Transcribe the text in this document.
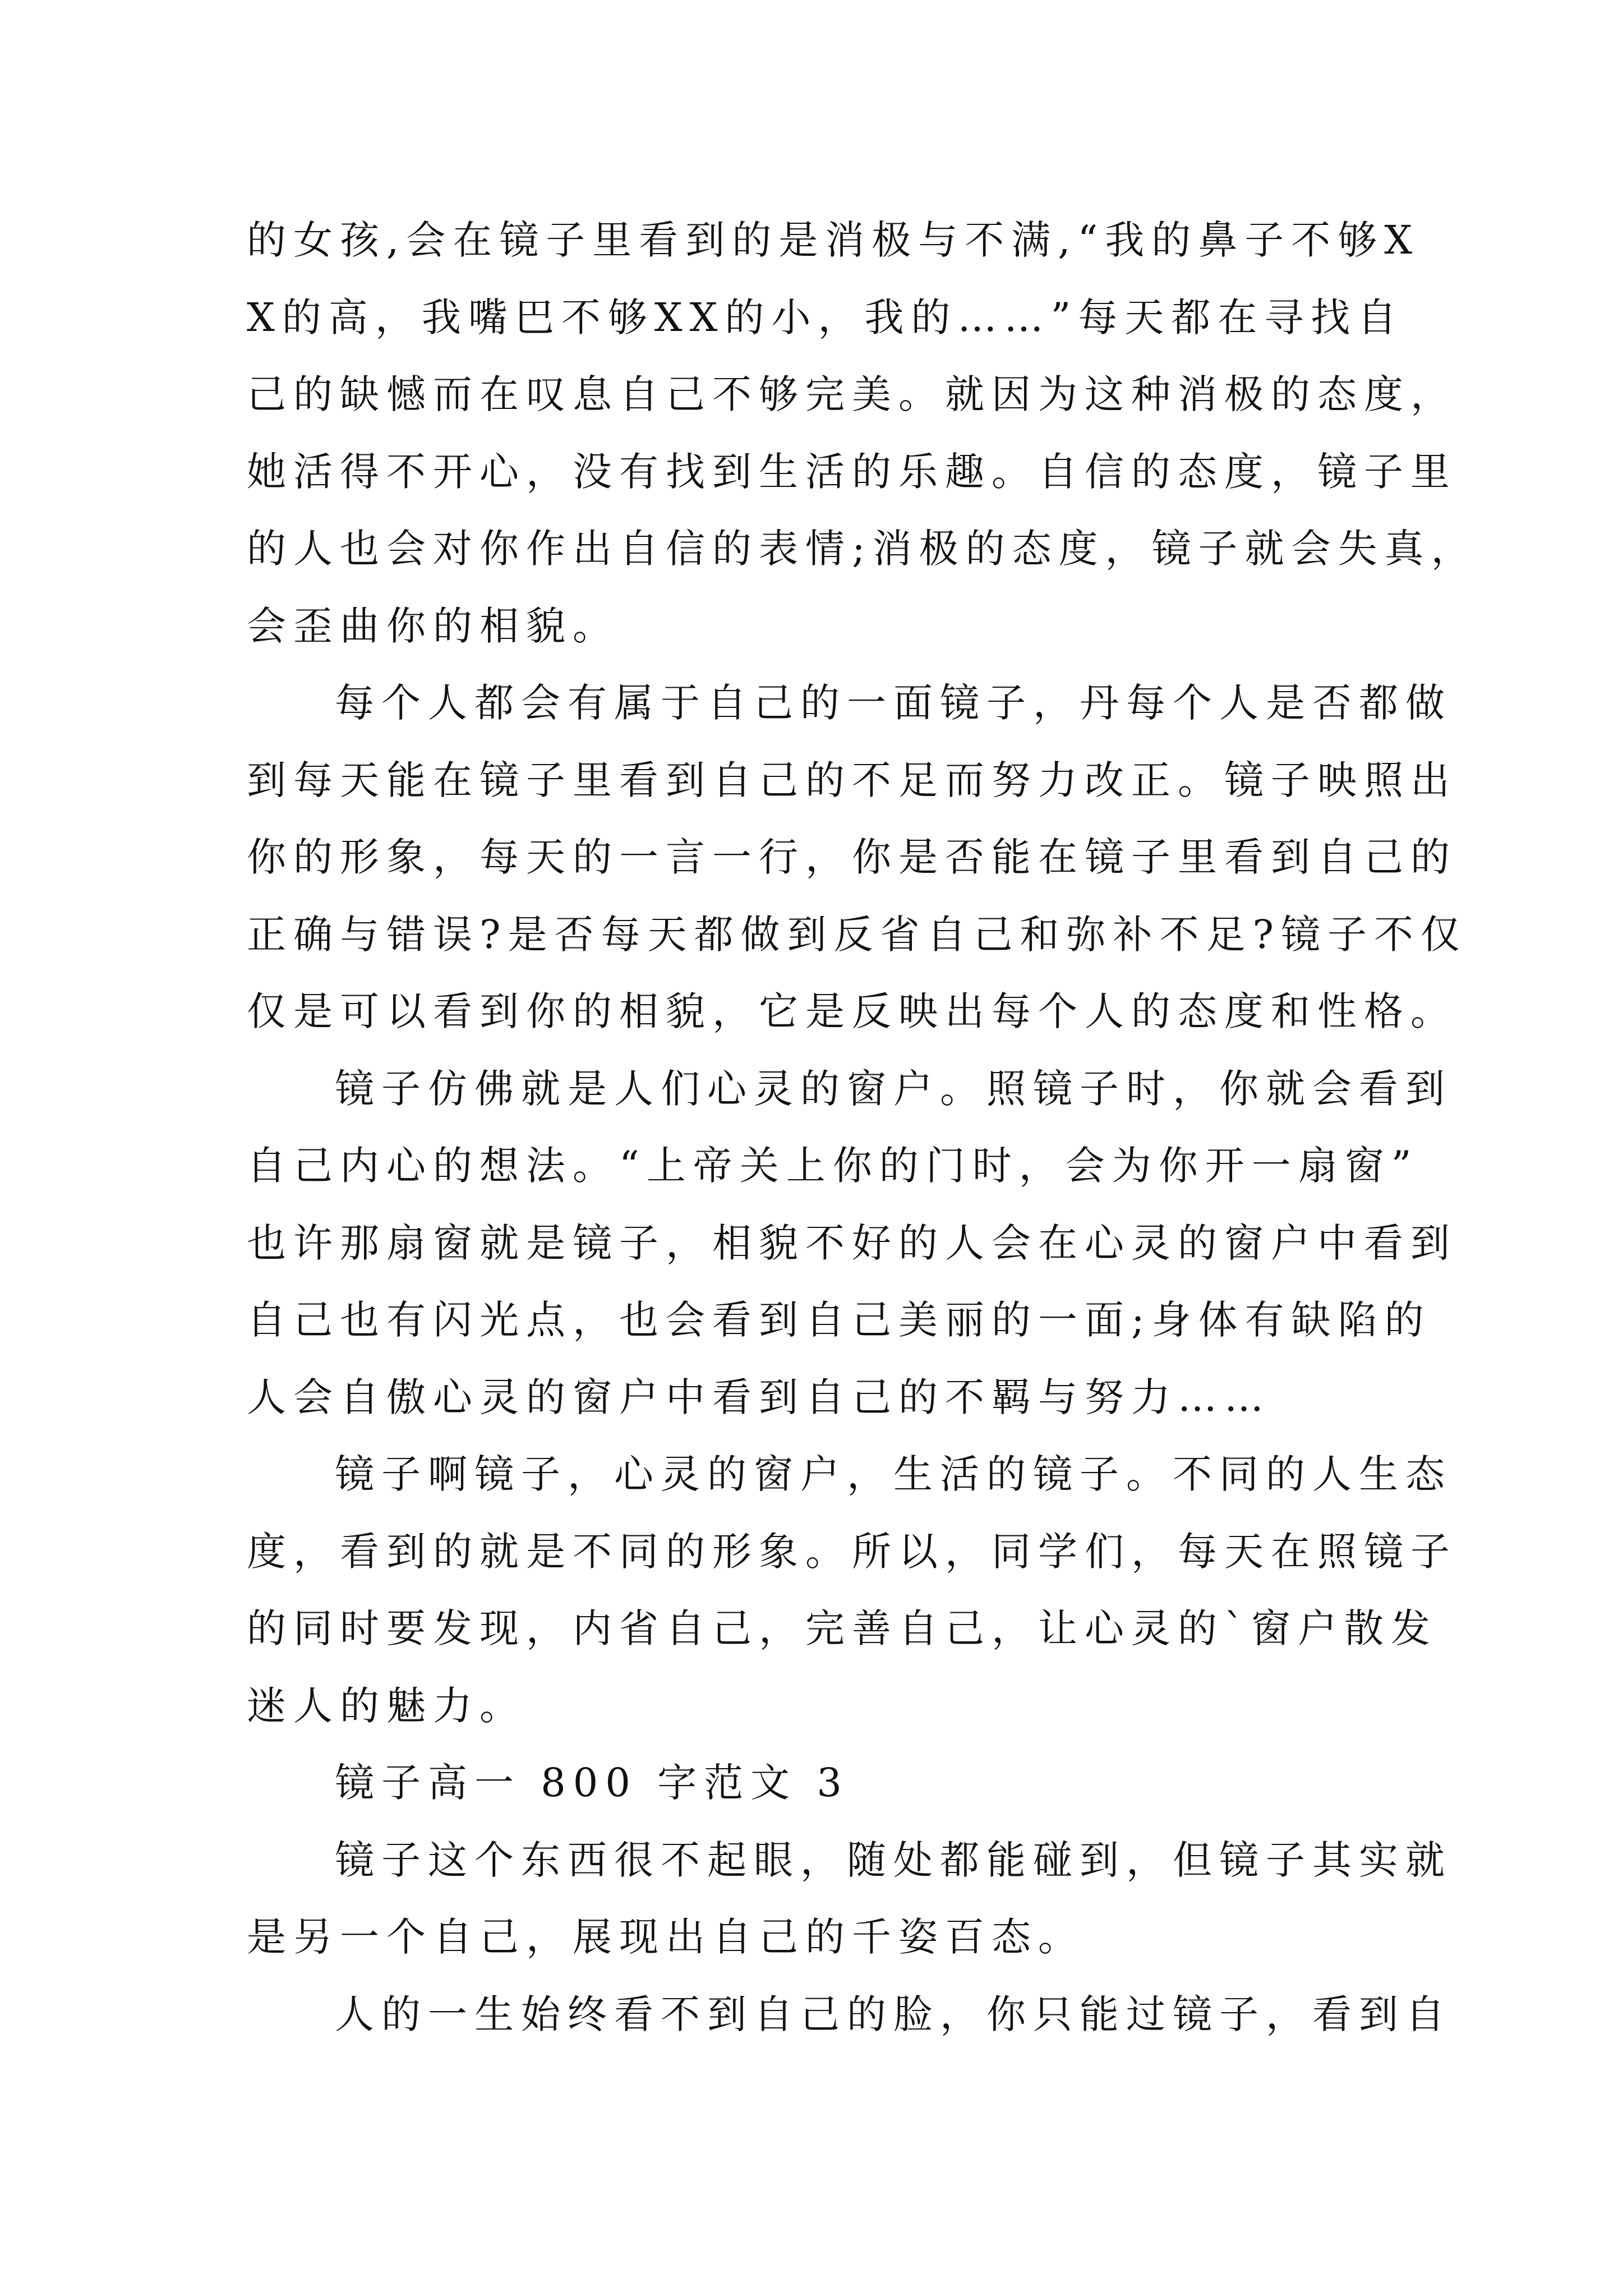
的女孩,会在镜子里看到的是消极与不满,“我的鼻子不够X
X的高，我嘴巴不够XX的小，我的……”每天都在寻找自
己的缺憾而在叹息自己不够完美。就因为这种消极的态度，
她活得不开心，没有找到生活的乐趣。自信的态度，镜子里
的人也会对你作出自信的表情;消极的态度，镜子就会失真，
会歪曲你的相貌。
每个人都会有属于自己的一面镜子，丹每个人是否都做
到每天能在镜子里看到自己的不足而努力改正。镜子映照出
你的形象，每天的一言一行，你是否能在镜子里看到自己的
正确与错误?是否每天都做到反省自己和弥补不足?镜子不仅
仅是可以看到你的相貌，它是反映出每个人的态度和性格。
镜子仿佛就是人们心灵的窗户。照镜子时，你就会看到
自己内心的想法。“上帝关上你的门时，会为你开一扇窗”
也许那扇窗就是镜子，相貌不好的人会在心灵的窗户中看到
自己也有闪光点，也会看到自己美丽的一面;身体有缺陷的
人会自傲心灵的窗户中看到自己的不羁与努力……
镜子啊镜子，心灵的窗户，生活的镜子。不同的人生态
度，看到的就是不同的形象。所以，同学们，每天在照镜子
的同时要发现，内省自己，完善自己，让心灵的`窗户散发
迷人的魅力。
镜子高一 800 字范文 3
镜子这个东西很不起眼，随处都能碰到，但镜子其实就
是另一个自己，展现出自己的千姿百态。
人的一生始终看不到自己的脸，你只能过镜子，看到自
